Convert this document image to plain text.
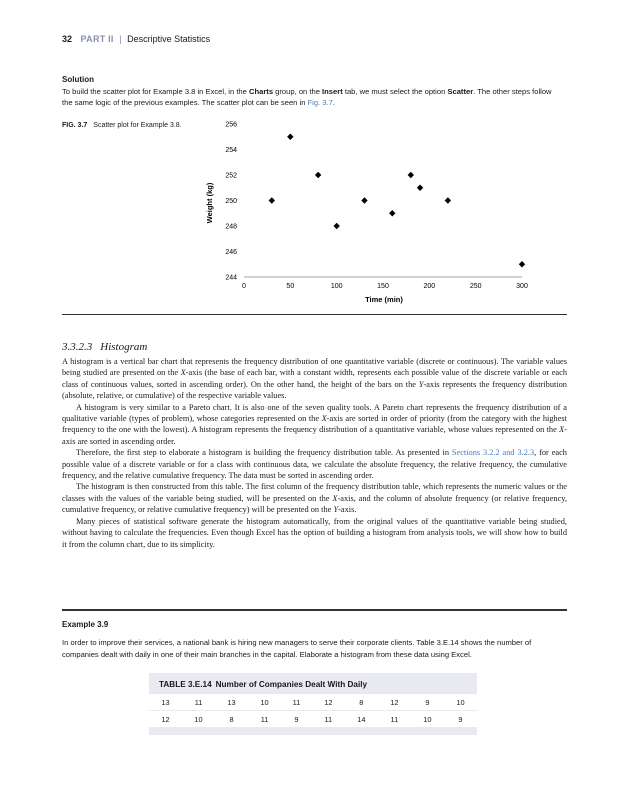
32 PART II | Descriptive Statistics
Solution
To build the scatter plot for Example 3.8 in Excel, in the Charts group, on the Insert tab, we must select the option Scatter. The other steps follow the same logic of the previous examples. The scatter plot can be seen in Fig. 3.7.
FIG. 3.7 Scatter plot for Example 3.8.
244
246
248
250
252
254
256
0	50	100	150	200	250	300
Weight (kg)
Time (min)
3.3.2.3 Histogram

A histogram is a vertical bar chart that represents the frequency distribution of one quantitative variable (discrete or continuous). The variable values being studied are presented on the X-axis (the base of each bar, with a constant width, represents each possible value of the discrete variable or each class of continuous values, sorted in ascending order). On the other hand, the height of the bars on the Y-axis represents the frequency distribution (absolute, relative, or cumulative) of the respective variable values.

A histogram is very similar to a Pareto chart. It is also one of the seven quality tools. A Pareto chart represents the frequency distribution of a qualitative variable (types of problem), whose categories represented on the X-axis are sorted in order of priority (from the category with the highest frequency to the one with the lowest). A histogram represents the frequency distribution of a quantitative variable, whose values represented on the X-axis are sorted in ascending order.

Therefore, the first step to elaborate a histogram is building the frequency distribution table. As presented in Sections 3.2.2 and 3.2.3, for each possible value of a discrete variable or for a class with continuous data, we calculate the absolute frequency, the relative frequency, the cumulative frequency, and the relative cumulative frequency. The data must be sorted in ascending order.

The histogram is then constructed from this table. The first column of the frequency distribution table, which represents the numeric values or the classes with the values of the variable being studied, will be presented on the X-axis, and the column of absolute frequency (or relative frequency, cumulative frequency, or relative cumulative frequency) will be presented on the Y-axis.

Many pieces of statistical software generate the histogram automatically, from the original values of the quantitative variable being studied, without having to calculate the frequencies. Even though Excel has the option of building a histogram from analysis tools, we will show how to build it from the column chart, due to its simplicity.

Example 3.9
In order to improve their services, a national bank is hiring new managers to serve their corporate clients. Table 3.E.14 shows the number of companies dealt with daily in one of their main branches in the capital. Elaborate a histogram from these data using Excel.
TABLE 3.E.14 Number of Companies Dealt With Daily
13	11	13	10	11	12	8	12	9	10
12	10	8	11	9	11	14	11	10	9
